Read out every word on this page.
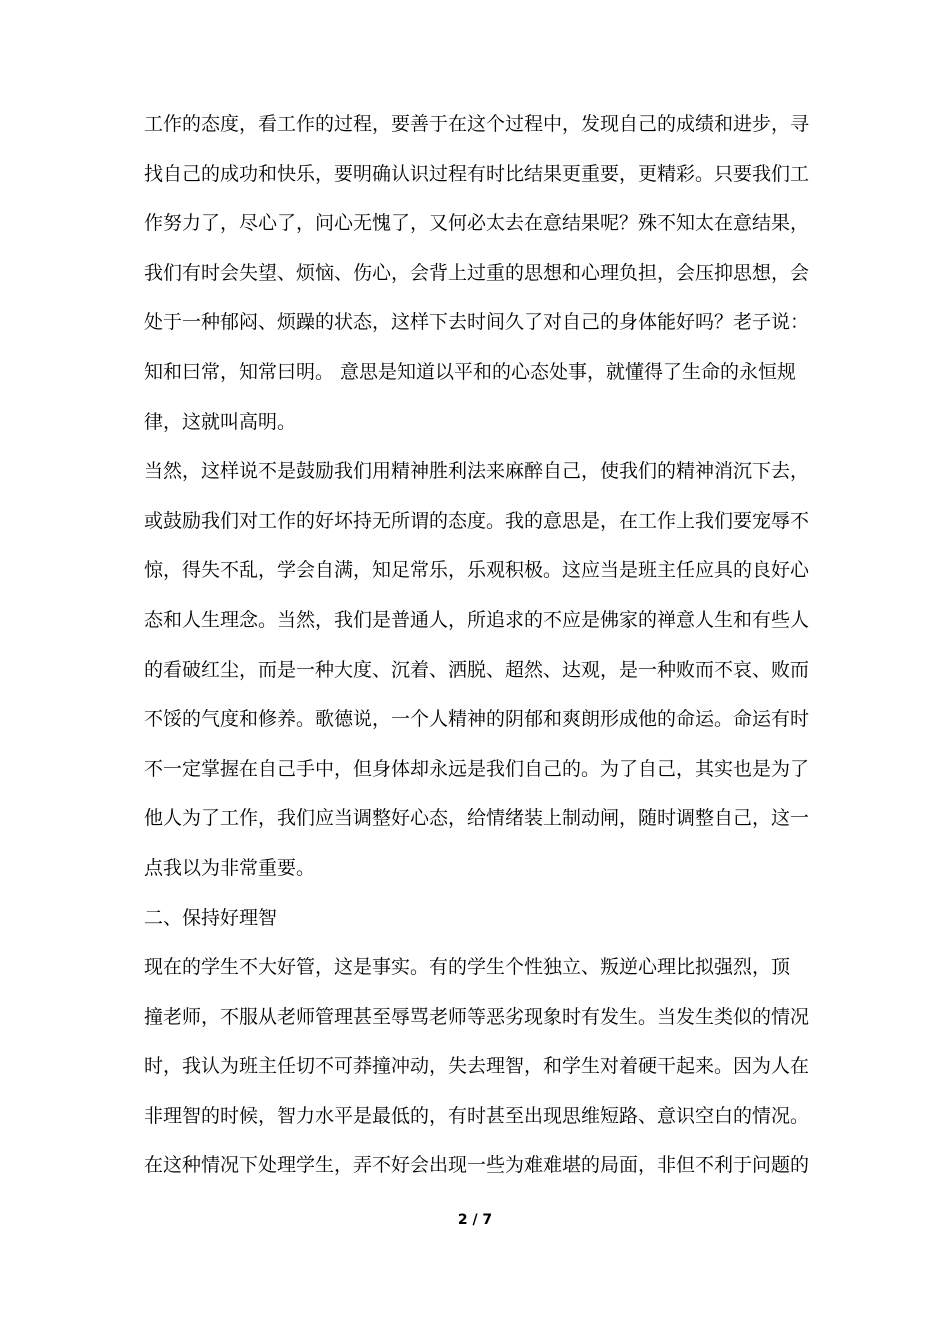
工作的态度，看工作的过程，要善于在这个过程中，发现自己的成绩和进步，寻
找自己的成功和快乐，要明确认识过程有时比结果更重要，更精彩。只要我们工
作努力了，尽心了，问心无愧了，又何必太去在意结果呢？殊不知太在意结果，
我们有时会失望、烦恼、伤心，会背上过重的思想和心理负担，会压抑思想，会
处于一种郁闷、烦躁的状态，这样下去时间久了对自己的身体能好吗？老子说：
知和曰常，知常曰明。 意思是知道以平和的心态处事，就懂得了生命的永恒规
律，这就叫高明。
当然，这样说不是鼓励我们用精神胜利法来麻醉自己，使我们的精神消沉下去，
或鼓励我们对工作的好坏持无所谓的态度。我的意思是，在工作上我们要宠辱不
惊，得失不乱，学会自满，知足常乐，乐观积极。这应当是班主任应具的良好心
态和人生理念。当然，我们是普通人，所追求的不应是佛家的禅意人生和有些人
的看破红尘，而是一种大度、沉着、洒脱、超然、达观，是一种败而不哀、败而
不馁的气度和修养。歌德说，一个人精神的阴郁和爽朗形成他的命运。命运有时
不一定掌握在自己手中，但身体却永远是我们自己的。为了自己，其实也是为了
他人为了工作，我们应当调整好心态，给情绪装上制动闸，随时调整自己，这一
点我以为非常重要。
二、保持好理智
现在的学生不大好管，这是事实。有的学生个性独立、叛逆心理比拟强烈，顶
撞老师，不服从老师管理甚至辱骂老师等恶劣现象时有发生。当发生类似的情况
时，我认为班主任切不可莽撞冲动，失去理智，和学生对着硬干起来。因为人在
非理智的时候，智力水平是最低的，有时甚至出现思维短路、意识空白的情况。
在这种情况下处理学生，弄不好会出现一些为难难堪的局面，非但不利于问题的
2 / 7
